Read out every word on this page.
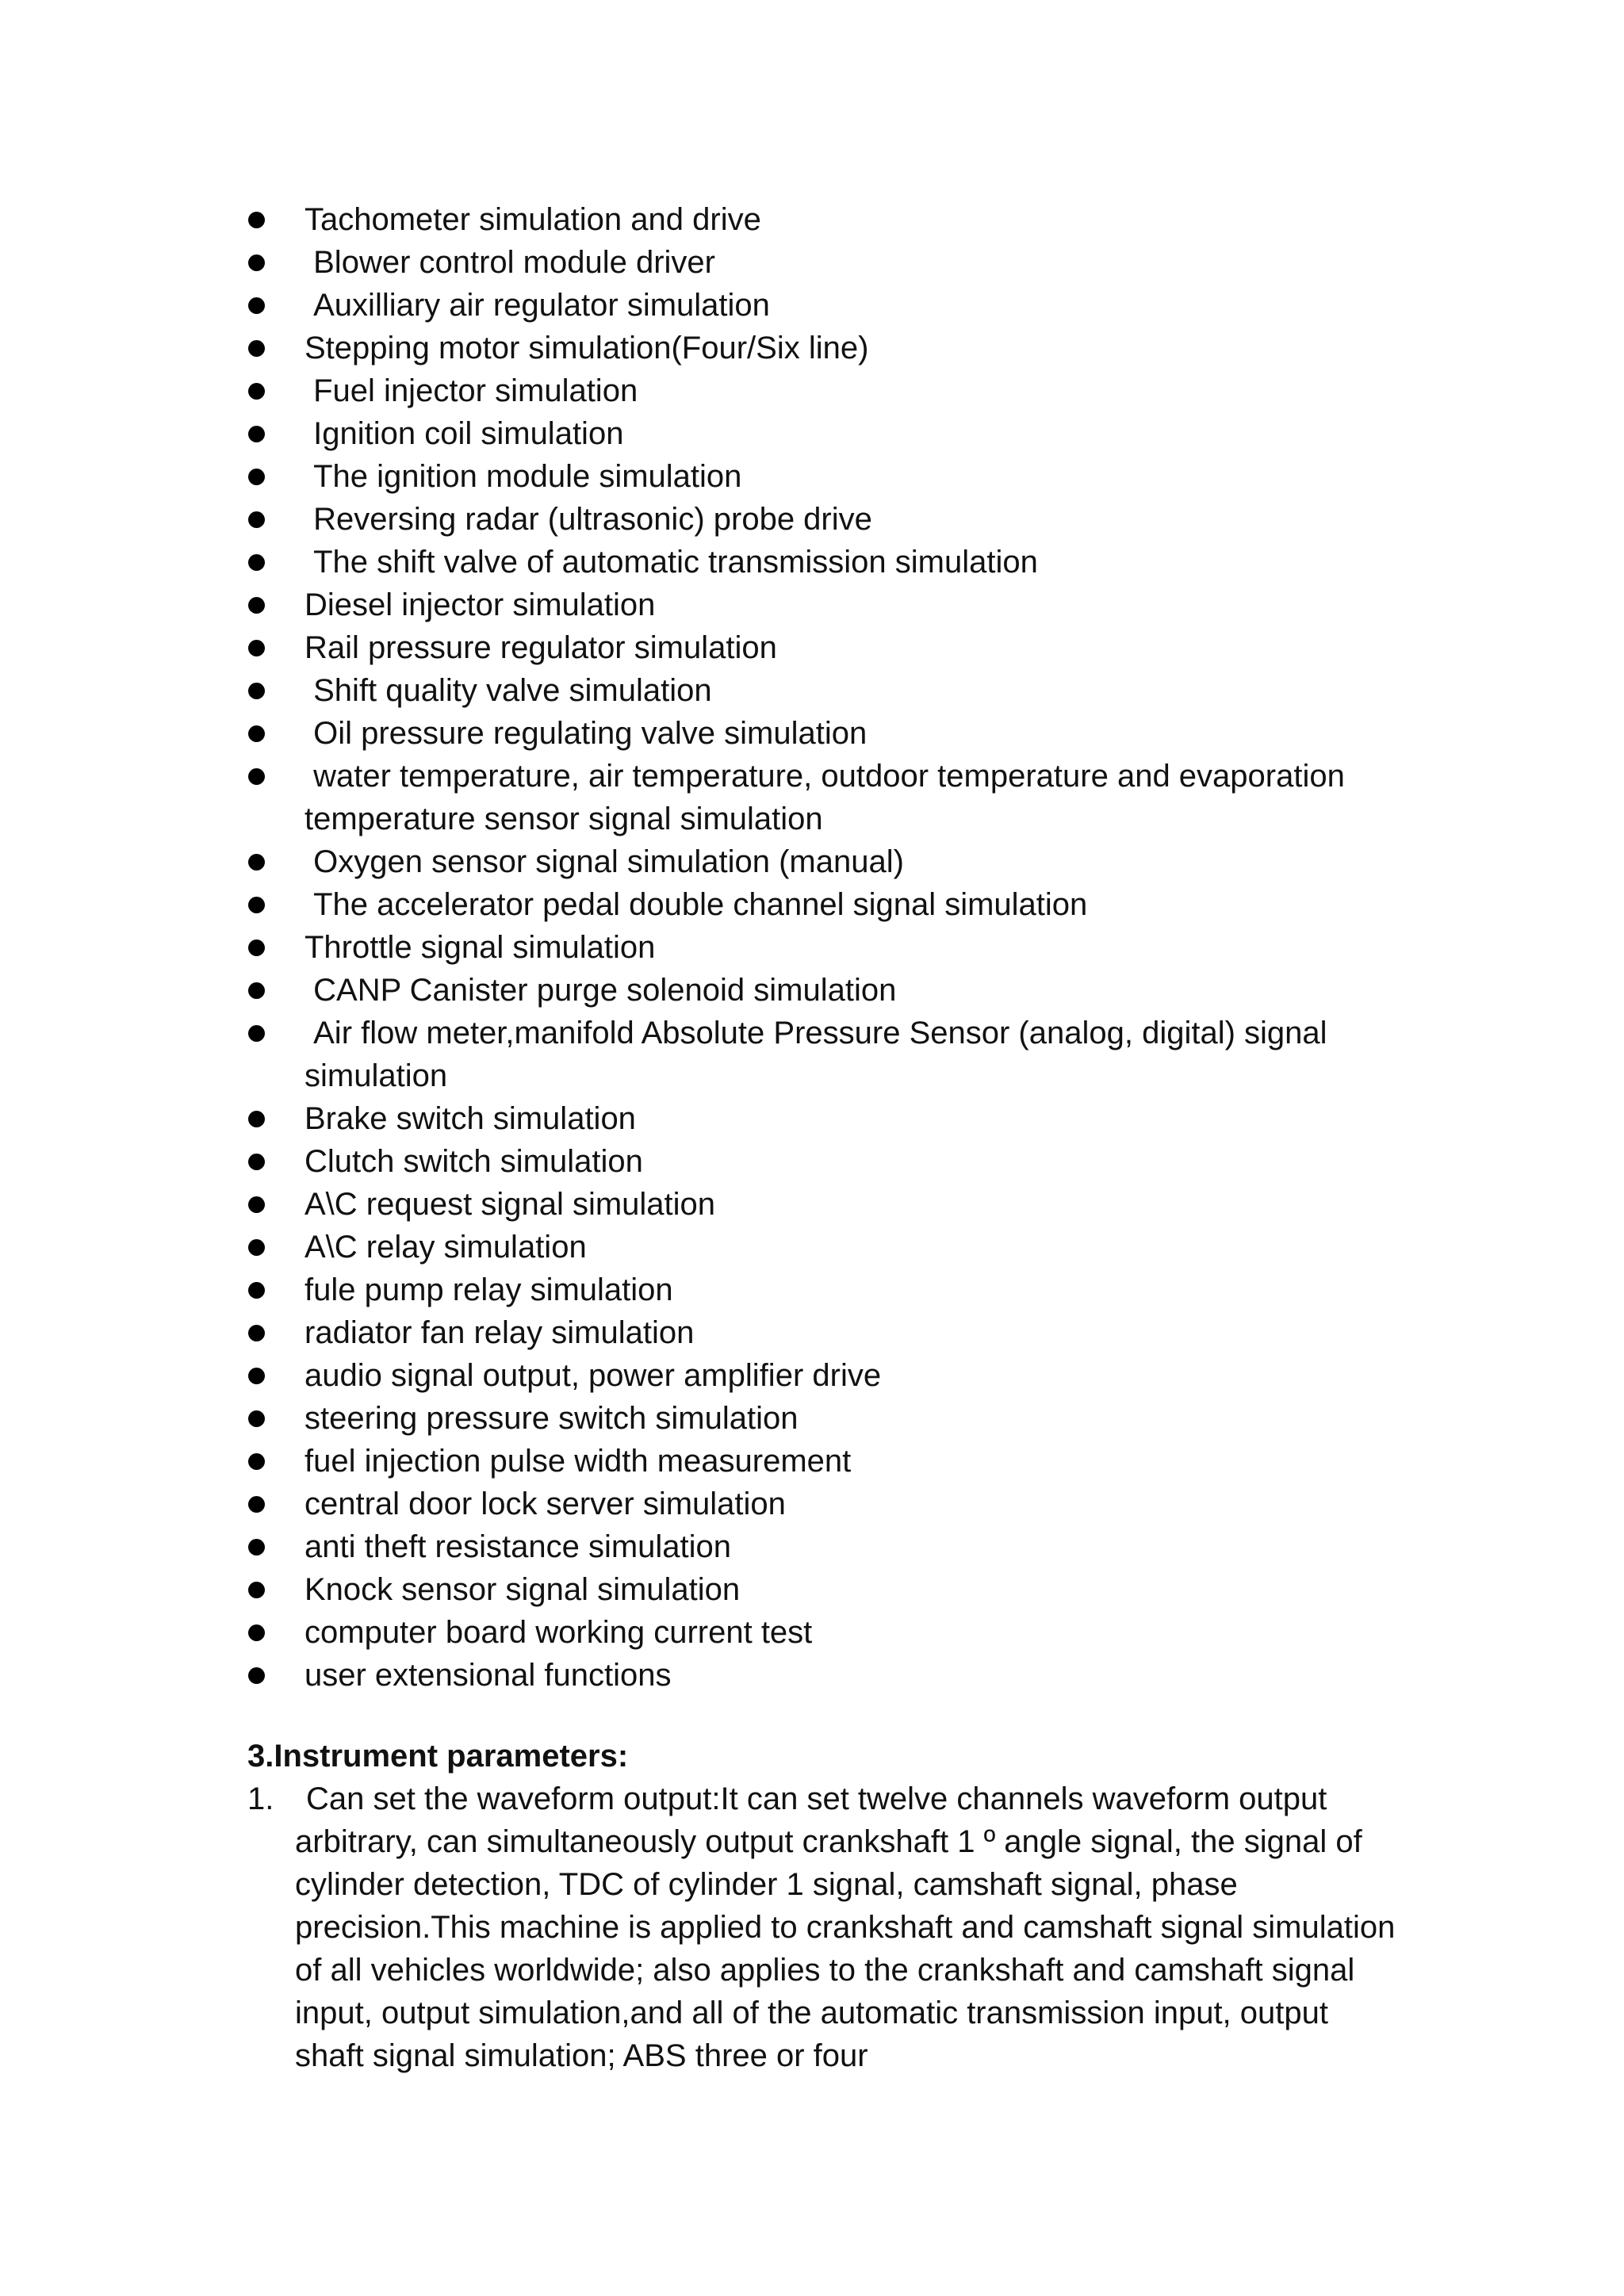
Tachometer simulation and drive
Blower control module driver
Auxilliary air regulator simulation
Stepping motor simulation(Four/Six line)
Fuel injector simulation
Ignition coil simulation
The ignition module simulation
Reversing radar (ultrasonic) probe drive
The shift valve of automatic transmission simulation
Diesel injector simulation
Rail pressure regulator simulation
Shift quality valve simulation
Oil pressure regulating valve simulation
water temperature, air temperature, outdoor temperature and evaporation temperature sensor signal simulation
Oxygen sensor signal simulation (manual)
The accelerator pedal double channel signal simulation
Throttle signal simulation
CANP Canister purge solenoid simulation
Air flow meter,manifold Absolute Pressure Sensor (analog, digital) signal simulation
Brake switch simulation
Clutch switch simulation
A\C request signal simulation
A\C relay simulation
fule pump relay simulation
radiator fan relay simulation
audio signal output, power amplifier drive
steering pressure switch simulation
fuel injection pulse width measurement
central door lock server simulation
anti theft resistance simulation
Knock sensor signal simulation
computer board working current test
user extensional functions
3.Instrument parameters:
1.	Can set the waveform output:It can set twelve channels waveform output arbitrary, can simultaneously output crankshaft 1 º angle signal, the signal of cylinder detection, TDC of cylinder 1 signal, camshaft signal, phase precision.This machine is applied to crankshaft and camshaft signal simulation of all vehicles worldwide; also applies to the crankshaft and camshaft signal input, output simulation,and all of the automatic transmission input, output shaft signal simulation; ABS three or four
